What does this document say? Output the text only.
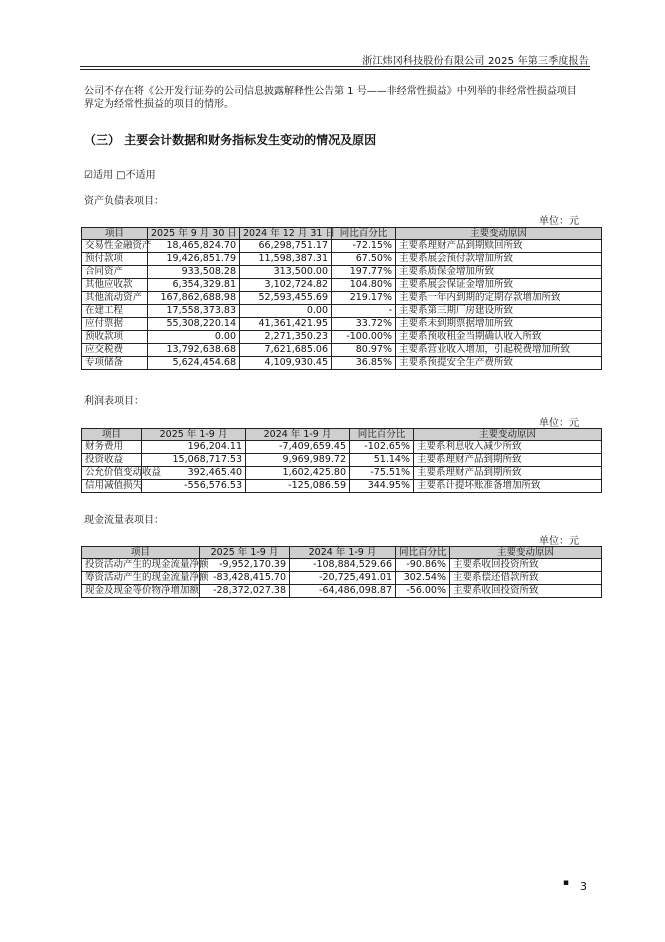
浙江炜冈科技股份有限公司 2025 年第三季度报告
公司不存在将《公开发行证券的公司信息披露解释性公告第 1 号——非经常性损益》中列举的非经常性损益项目界定为经常性损益的项目的情形。
（三） 主要会计数据和财务指标发生变动的情况及原因
☑适用 □不适用
资产负债表项目：
单位：元
项目	2025 年 9 月 30 日	2024 年 12 月 31 日	同比百分比	主要变动原因
交易性金融资产	18,465,824.70	66,298,751.17	-72.15%	主要系理财产品到期赎回所致
预付款项	19,426,851.79	11,598,387.31	67.50%	主要系展会预付款增加所致
合同资产	933,508.28	313,500.00	197.77%	主要系质保金增加所致
其他应收款	6,354,329.81	3,102,724.82	104.80%	主要系展会保证金增加所致
其他流动资产	167,862,688.98	52,593,455.69	219.17%	主要系一年内到期的定期存款增加所致
在建工程	17,558,373.83	0.00	-	主要系第三期厂房建设所致
应付票据	55,308,220.14	41,361,421.95	33.72%	主要系未到期票据增加所致
预收款项	0.00	2,271,350.23	-100.00%	主要系预收租金当期确认收入所致
应交税费	13,792,638.68	7,621,685.06	80.97%	主要系营业收入增加，引起税费增加所致
专项储备	5,624,454.68	4,109,930.45	36.85%	主要系预提安全生产费所致
利润表项目：
单位：元
项目	2025 年 1-9 月	2024 年 1-9 月	同比百分比	主要变动原因
财务费用	196,204.11	-7,409,659.45	-102.65%	主要系利息收入减少所致
投资收益	15,068,717.53	9,969,989.72	51.14%	主要系理财产品到期所致
公允价值变动收益	392,465.40	1,602,425.80	-75.51%	主要系理财产品到期所致
信用减值损失	-556,576.53	-125,086.59	344.95%	主要系计提坏账准备增加所致
现金流量表项目：
单位：元
项目	2025 年 1-9 月	2024 年 1-9 月	同比百分比	主要变动原因
投资活动产生的现金流量净额	-9,952,170.39	-108,884,529.66	-90.86%	主要系收回投资所致
筹资活动产生的现金流量净额	-83,428,415.70	-20,725,491.01	302.54%	主要系偿还借款所致
现金及现金等价物净增加额	-28,372,027.38	-64,486,098.87	-56.00%	主要系收回投资所致
▪ 3
